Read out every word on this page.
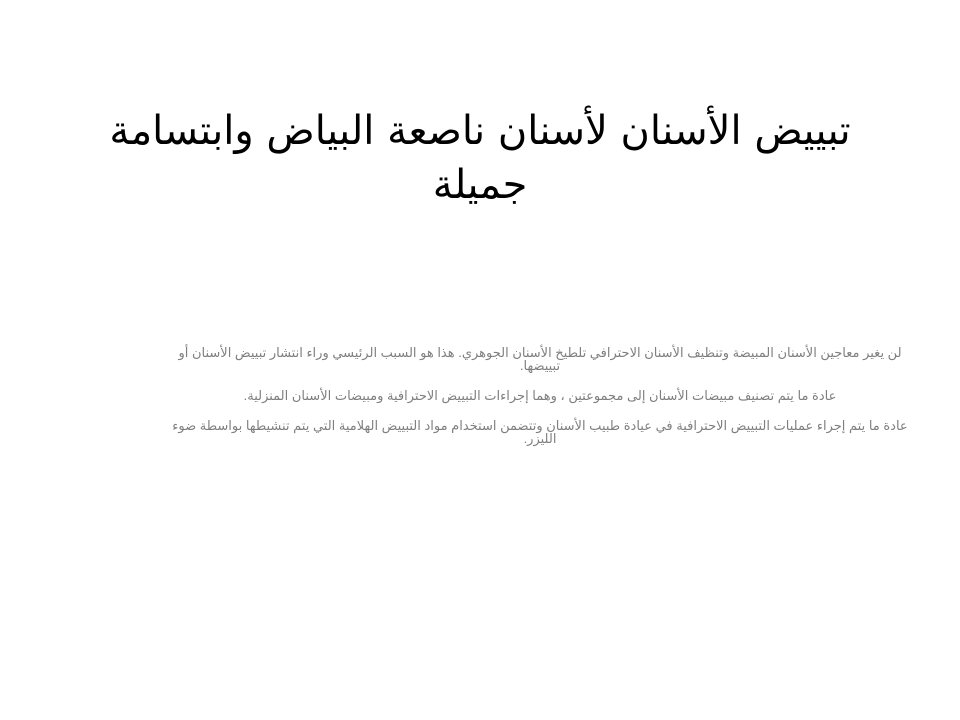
تبييض الأسنان لأسنان ناصعة البياض وابتسامة جميلة

لن يغير معاجين الأسنان المبيضة وتنظيف الأسنان الاحترافي تلطيخ الأسنان الجوهري. هذا هو السبب الرئيسي وراء انتشار تبييض الأسنان أو تبييضها.

عادة ما يتم تصنيف مبيضات الأسنان إلى مجموعتين ، وهما إجراءات التبييض الاحترافية ومبيضات الأسنان المنزلية.

عادة ما يتم إجراء عمليات التبييض الاحترافية في عيادة طبيب الأسنان وتتضمن استخدام مواد التبييض الهلامية التي يتم تنشيطها بواسطة ضوء الليزر.
